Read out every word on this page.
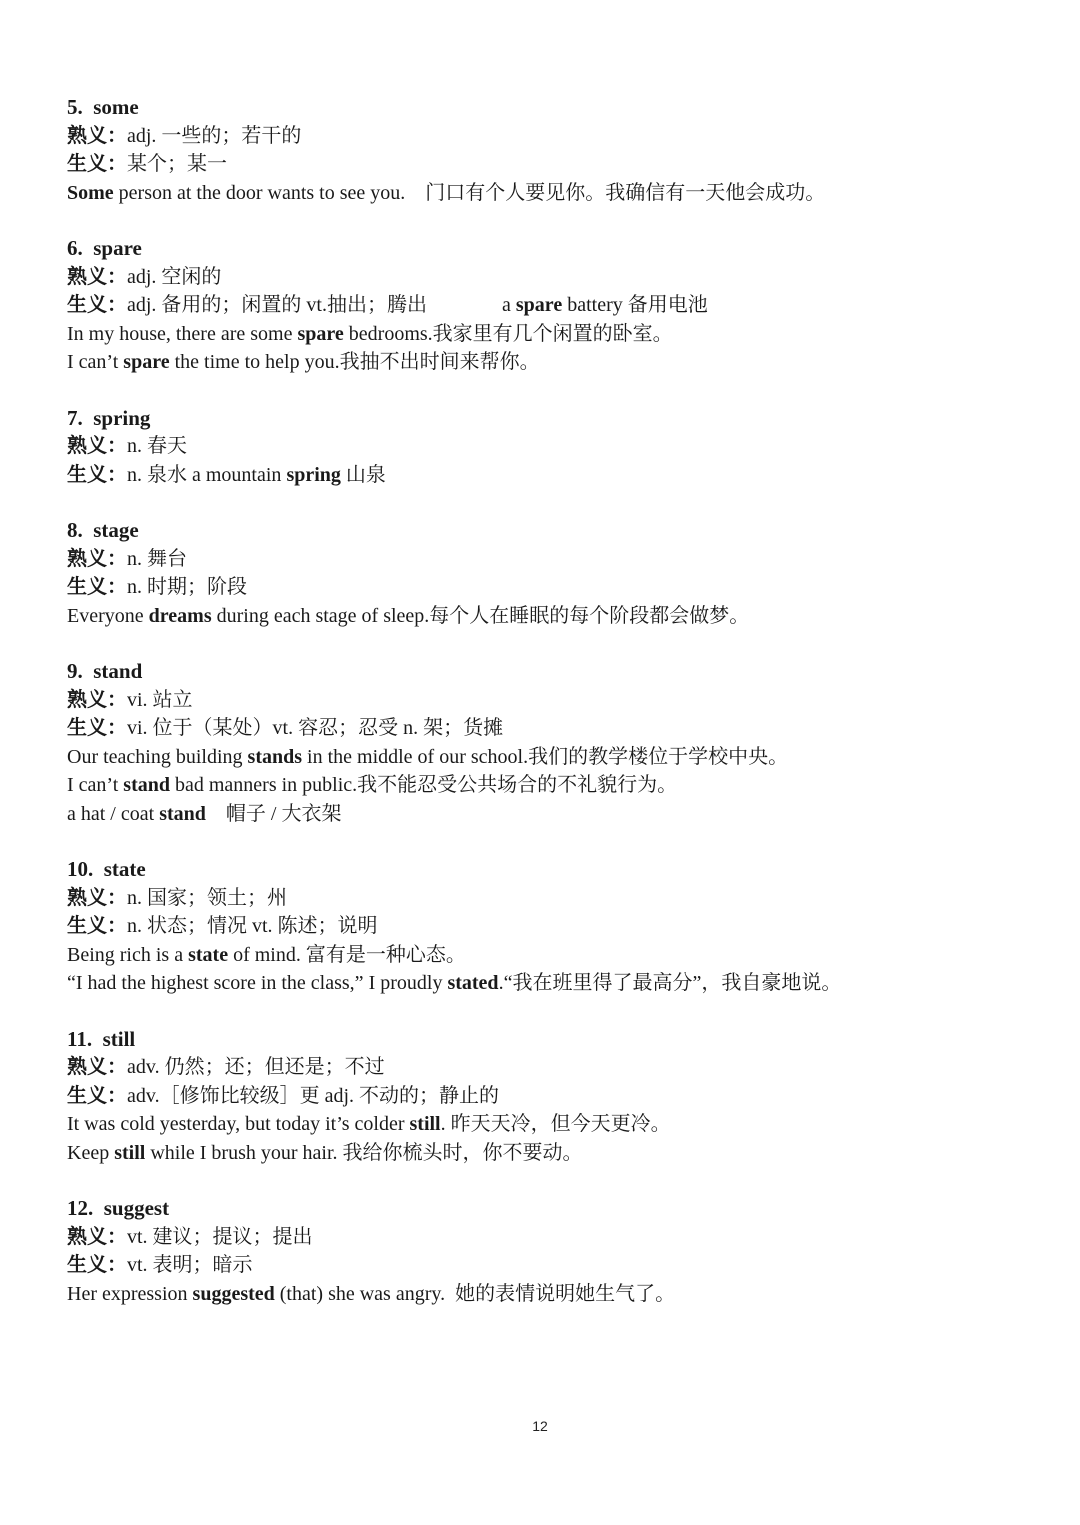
5.  some
熟义：adj. 一些的；若干的
生义：某个；某一
Some person at the door wants to see you.    门口有个人要见你。我确信有一天他会成功。
6.  spare
熟义：adj. 空闲的
生义：adj. 备用的；闲置的 vt.抽出；腾出               a spare battery 备用电池
In my house, there are some spare bedrooms.我家里有几个闲置的卧室。
I can’t spare the time to help you.我抽不出时间来帮你。
7.  spring
熟义：n. 春天
生义：n. 泉水 a mountain spring 山泉
8.  stage
熟义：n. 舞台
生义：n. 时期；阶段
Everyone dreams during each stage of sleep.每个人在睡眠的每个阶段都会做梦。
9.  stand
熟义：vi. 站立
生义：vi. 位于（某处）vt. 容忍；忍受 n. 架；货摊
Our teaching building stands in the middle of our school.我们的教学楼位于学校中央。
I can’t stand bad manners in public.我不能忍受公共场合的不礼貌行为。
a hat / coat stand    帽子 / 大衣架
10.  state
熟义：n. 国家；领土；州
生义：n. 状态；情况 vt. 陈述；说明
Being rich is a state of mind. 富有是一种心态。
“I had the highest score in the class,” I proudly stated.“我在班里得了最高分”，我自豪地说。
11.  still
熟义：adv. 仍然；还；但还是；不过
生义：adv.［修饰比较级］更 adj. 不动的；静止的
It was cold yesterday, but today it’s colder still. 昨天天冷，但今天更冷。
Keep still while I brush your hair. 我给你梳头时，你不要动。
12.  suggest
熟义：vt. 建议；提议；提出
生义：vt. 表明；暗示
Her expression suggested (that) she was angry.  她的表情说明她生气了。
12
